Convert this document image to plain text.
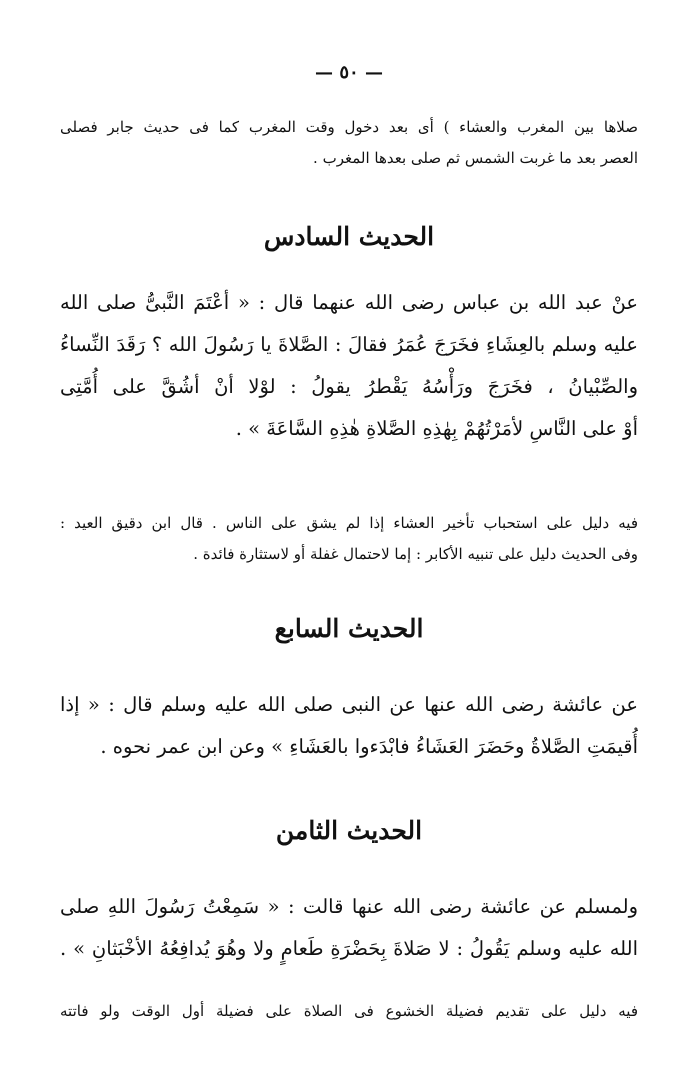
— ٥٠ —
صلاها بين المغرب والعشاء ) أى بعد دخول وقت المغرب كما فى حديث جابر فصلى
العصر بعد ما غربت الشمس ثم صلى بعدها المغرب .
الحديث السادس
عنْ عبد الله بن عباس رضى الله عنهما قال : « أعْتَمَ النَّبىُّ صلى الله
عليه وسلم بالعِشَاءِ فخَرَجَ عُمَرُ فقالَ : الصَّلاةَ يا رَسُولَ الله ؟ رَقَدَ النِّساءُ
والصِّبْيانُ ، فخَرَجَ ورَأْسُهُ يَقْطرُ يقولُ : لوْلا أنْ أشُقَّ على أُمَّتِى
أوْ على النَّاسِ لأمَرْتُهُمْ بِهٰذِهِ الصَّلاةِ هٰذِهِ السَّاعَةَ » .
فيه دليل على استحباب تأخير العشاء إذا لم يشق على الناس . قال ابن دقيق العيد :
وفى الحديث دليل على تنبيه الأكابر : إما لاحتمال غفلة أو لاستثارة فائدة .
الحديث السابع
عن عائشة رضى الله عنها عن النبى صلى الله عليه وسلم قال : « إذا
أُقيمَتِ الصَّلاةُ وحَضَرَ العَشَاءُ فابْدَءوا بالعَشَاءِ » وعن ابن عمر نحوه .
الحديث الثامن
ولمسلم عن عائشة رضى الله عنها قالت : « سَمِعْتُ رَسُولَ اللهِ صلى
الله عليه وسلم يَقُولُ : لا صَلاةَ بِحَضْرَةِ طَعامٍ ولا وهُوَ يُدافِعُهُ الأخْبَثانِ » .
فيه دليل على تقديم فضيلة الخشوع فى الصلاة على فضيلة أول الوقت ولو فاتته
